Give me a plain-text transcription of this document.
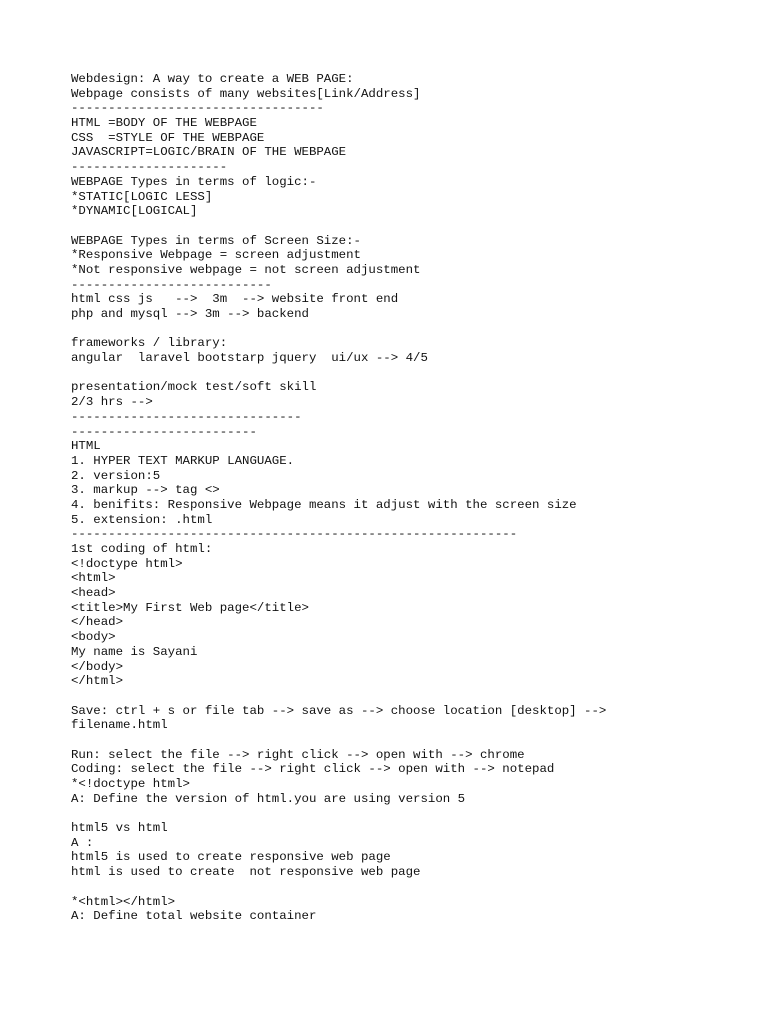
Webdesign: A way to create a WEB PAGE:
Webpage consists of many websites[Link/Address]
----------------------------------
HTML =BODY OF THE WEBPAGE
CSS  =STYLE OF THE WEBPAGE
JAVASCRIPT=LOGIC/BRAIN OF THE WEBPAGE
---------------------
WEBPAGE Types in terms of logic:-
*STATIC[LOGIC LESS]
*DYNAMIC[LOGICAL]
WEBPAGE Types in terms of Screen Size:-
*Responsive Webpage = screen adjustment
*Not responsive webpage = not screen adjustment
---------------------------
html css js   -->  3m  --> website front end
php and mysql --> 3m --> backend
frameworks / library:
angular  laravel bootstarp jquery  ui/ux --> 4/5
presentation/mock test/soft skill
2/3 hrs -->
-------------------------------
-------------------------
HTML
1. HYPER TEXT MARKUP LANGUAGE.
2. version:5
3. markup --> tag <>
4. benifits: Responsive Webpage means it adjust with the screen size
5. extension: .html
------------------------------------------------------------
1st coding of html:
<!doctype html>
<html>
<head>
<title>My First Web page</title>
</head>
<body>
My name is Sayani
</body>
</html>
Save: ctrl + s or file tab --> save as --> choose location [desktop] -->
filename.html
Run: select the file --> right click --> open with --> chrome
Coding: select the file --> right click --> open with --> notepad
*<!doctype html>
A: Define the version of html.you are using version 5
html5 vs html
A :
html5 is used to create responsive web page
html is used to create  not responsive web page
*<html></html>
A: Define total website container
